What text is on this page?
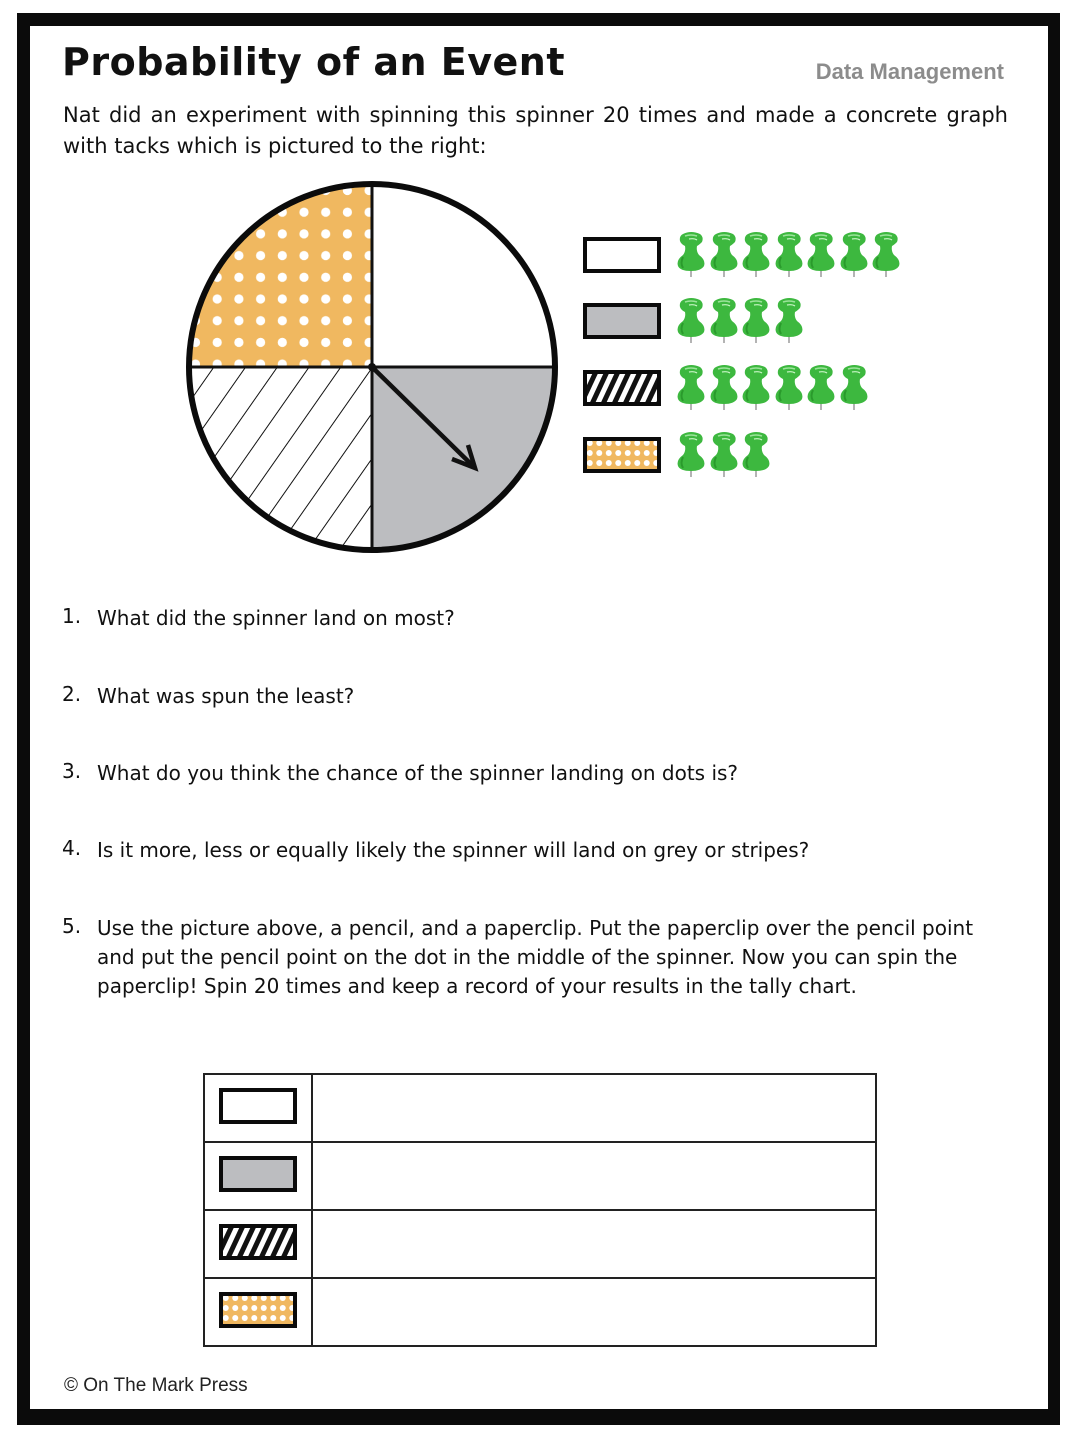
Probability of an Event	Data Management
Nat did an experiment with spinning this spinner 20 times and made a concrete graph
with tacks which is pictured to the right:
1. What did the spinner land on most?
2. What was spun the least?
3. What do you think the chance of the spinner landing on dots is?
4. Is it more, less or equally likely the spinner will land on grey or stripes?
5. Use the picture above, a pencil, and a paperclip. Put the paperclip over the pencil point and put the pencil point on the dot in the middle of the spinner. Now you can spin the paperclip! Spin 20 times and keep a record of your results in the tally chart.

© On The Mark Press
